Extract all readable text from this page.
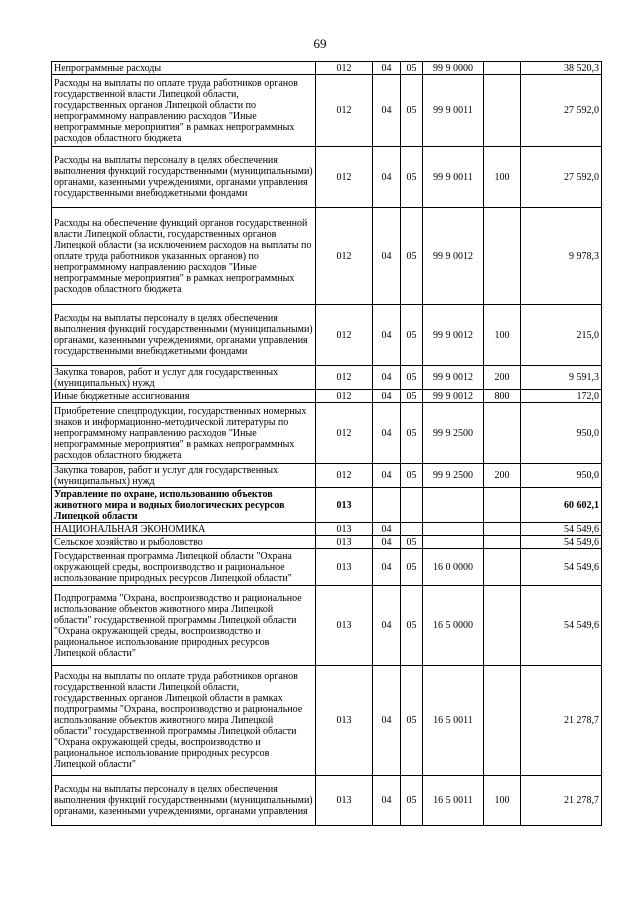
69
Непрограммные расходы	012	04	05	99 9 0000		38 520,3
Расходы на выплаты по оплате труда работников органов государственной власти Липецкой области, государственных органов Липецкой области по непрограммному направлению расходов "Иные непрограммные мероприятия" в рамках непрограммных расходов областного бюджета	012	04	05	99 9 0011		27 592,0
Расходы на выплаты персоналу в целях обеспечения выполнения функций государственными (муниципальными) органами, казенными учреждениями, органами управления государственными внебюджетными фондами	012	04	05	99 9 0011	100	27 592,0
Расходы на обеспечение функций органов государственной власти Липецкой области, государственных органов Липецкой области (за исключением расходов на выплаты по оплате труда работников указанных органов) по непрограммному направлению расходов "Иные непрограммные мероприятия" в рамках непрограммных расходов областного бюджета	012	04	05	99 9 0012		9 978,3
Расходы на выплаты персоналу в целях обеспечения выполнения функций государственными (муниципальными) органами, казенными учреждениями, органами управления государственными внебюджетными фондами	012	04	05	99 9 0012	100	215,0
Закупка товаров, работ и услуг для государственных (муниципальных) нужд	012	04	05	99 9 0012	200	9 591,3
Иные бюджетные ассигнования	012	04	05	99 9 0012	800	172,0
Приобретение спецпродукции, государственных номерных знаков и информационно-методической литературы по непрограммному направлению расходов "Иные непрограммные мероприятия" в рамках непрограммных расходов областного бюджета	012	04	05	99 9 2500		950,0
Закупка товаров, работ и услуг для государственных (муниципальных) нужд	012	04	05	99 9 2500	200	950,0
Управление по охране, использованию объектов животного мира и водных биологических ресурсов Липецкой области	013					60 602,1
НАЦИОНАЛЬНАЯ ЭКОНОМИКА	013	04				54 549,6
Сельское хозяйство и рыболовство	013	04	05			54 549,6
Государственная программа Липецкой области "Охрана окружающей среды, воспроизводство и рациональное использование природных ресурсов Липецкой области"	013	04	05	16 0 0000		54 549,6
Подпрограмма "Охрана, воспроизводство и рациональное использование объектов животного мира Липецкой области" государственной программы Липецкой области "Охрана окружающей среды, воспроизводство и рациональное использование природных ресурсов Липецкой области"	013	04	05	16 5 0000		54 549,6
Расходы на выплаты по оплате труда работников органов государственной власти Липецкой области, государственных органов Липецкой области в рамках подпрограммы "Охрана, воспроизводство и рациональное использование объектов животного мира Липецкой области" государственной программы Липецкой области "Охрана окружающей среды, воспроизводство и рациональное использование природных ресурсов Липецкой области"	013	04	05	16 5 0011		21 278,7
Расходы на выплаты персоналу в целях обеспечения выполнения функций государственными (муниципальными) органами, казенными учреждениями, органами управления	013	04	05	16 5 0011	100	21 278,7
